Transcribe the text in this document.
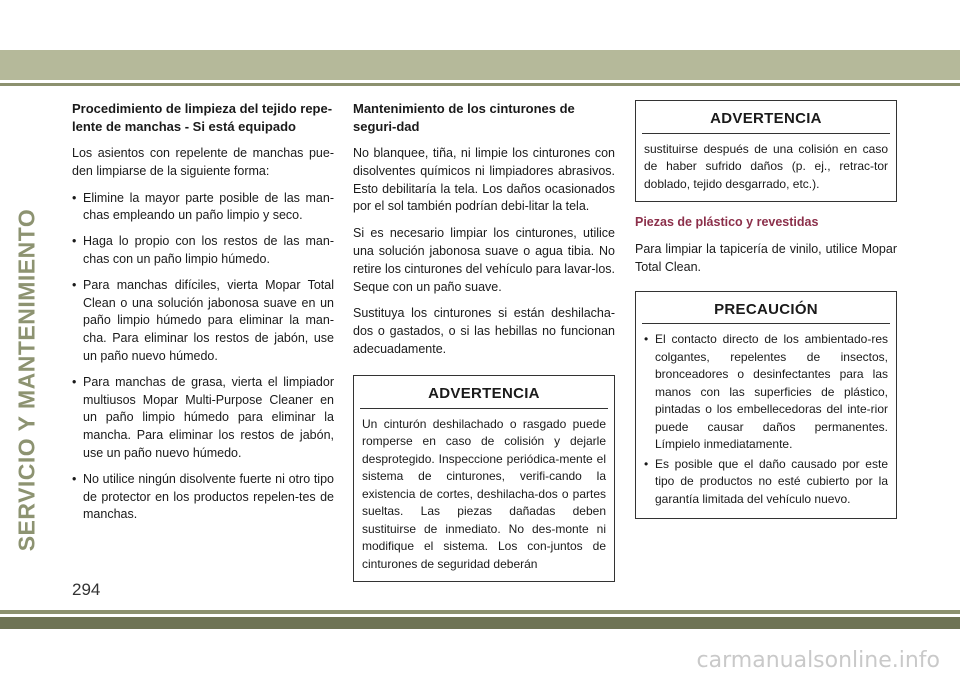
SERVICIO Y MANTENIMIENTO

Procedimiento de limpieza del tejido repe-lente de manchas - Si está equipado

Los asientos con repelente de manchas pue-den limpiarse de la siguiente forma:

• Elimine la mayor parte posible de las man-chas empleando un paño limpio y seco.
• Haga lo propio con los restos de las man-chas con un paño limpio húmedo.
• Para manchas difíciles, vierta Mopar Total Clean o una solución jabonosa suave en un paño limpio húmedo para eliminar la man-cha. Para eliminar los restos de jabón, use un paño nuevo húmedo.
• Para manchas de grasa, vierta el limpiador multiusos Mopar Multi-Purpose Cleaner en un paño limpio húmedo para eliminar la mancha. Para eliminar los restos de jabón, use un paño nuevo húmedo.
• No utilice ningún disolvente fuerte ni otro tipo de protector en los productos repelen-tes de manchas.

Mantenimiento de los cinturones de seguri-dad

No blanquee, tiña, ni limpie los cinturones con disolventes químicos ni limpiadores abrasivos. Esto debilitaría la tela. Los daños ocasionados por el sol también podrían debi-litar la tela.

Si es necesario limpiar los cinturones, utilice una solución jabonosa suave o agua tibia. No retire los cinturones del vehículo para lavar-los. Seque con un paño suave.

Sustituya los cinturones si están deshilacha-dos o gastados, o si las hebillas no funcionan adecuadamente.

ADVERTENCIA
Un cinturón deshilachado o rasgado puede romperse en caso de colisión y dejarle desprotegido. Inspeccione periódica-mente el sistema de cinturones, verifi-cando la existencia de cortes, deshilacha-dos o partes sueltas. Las piezas dañadas deben sustituirse de inmediato. No des-monte ni modifique el sistema. Los con-juntos de cinturones de seguridad deberán
ADVERTENCIA
sustituirse después de una colisión en caso de haber sufrido daños (p. ej., retrac-tor doblado, tejido desgarrado, etc.).

Piezas de plástico y revestidas

Para limpiar la tapicería de vinilo, utilice Mopar Total Clean.

PRECAUCIÓN
• El contacto directo de los ambientado-res colgantes, repelentes de insectos, bronceadores o desinfectantes para las manos con las superficies de plástico, pintadas o los embellecedoras del inte-rior puede causar daños permanentes. Límpielo inmediatamente.
• Es posible que el daño causado por este tipo de productos no esté cubierto por la garantía limitada del vehículo nuevo.
294
carmanualsonline.info
